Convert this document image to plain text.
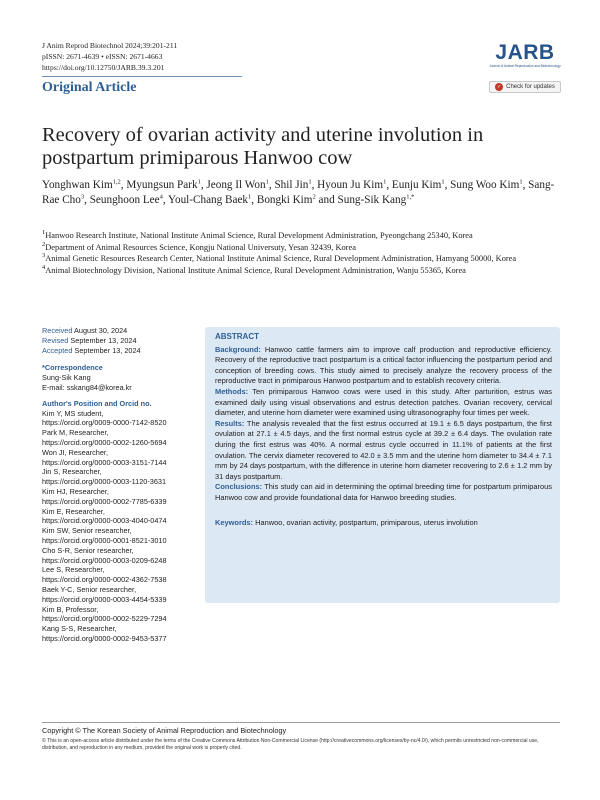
J Anim Reprod Biotechnol 2024;39:201-211
pISSN: 2671-4639 • eISSN: 2671-4663
https://doi.org/10.12750/JARB.39.3.201
Original Article
JARB
Journal of Animal Reproduction and Biotechnology
✓ Check for updates
Recovery of ovarian activity and uterine involution in postpartum primiparous Hanwoo cow
Yonghwan Kim$^{1,2}$, Myungsun Park$^1$, Jeong Il Won$^1$, Shil Jin$^1$, Hyoun Ju Kim$^1$, Eunju Kim$^1$, Sung Woo Kim$^1$, Sang-Rae Cho$^3$, Seunghoon Lee$^4$, Youl-Chang Baek$^1$, Bongki Kim$^2$ and Sung-Sik Kang$^{1,*}$
$^1$Hanwoo Research Institute, National Institute Animal Science, Rural Development Administration, Pyeongchang 25340, Korea
$^2$Department of Animal Resources Science, Kongju National Universuty, Yesan 32439, Korea
$^3$Animal Genetic Resources Research Center, National Institute Animal Science, Rural Development Administration, Hamyang 50000, Korea
$^4$Animal Biotechnology Division, National Institute Animal Science, Rural Development Administration, Wanju 55365, Korea
Received August 30, 2024
Revised September 13, 2024
Accepted September 13, 2024
*Correspondence
Sung-Sik Kang
E-mail: sskang84@korea.kr
Author's Position and Orcid no.
Kim Y, MS student,
https://orcid.org/0009-0000-7142-8520
Park M, Researcher,
https://orcid.org/0000-0002-1260-5694
Won JI, Researcher,
https://orcid.org/0000-0003-3151-7144
Jin S, Researcher,
https://orcid.org/0000-0003-1120-3631
Kim HJ, Researcher,
https://orcid.org/0000-0002-7785-6339
Kim E, Researcher,
https://orcid.org/0000-0003-4040-0474
Kim SW, Senior researcher,
https://orcid.org/0000-0001-8521-3010
Cho S-R, Senior researcher,
https://orcid.org/0000-0003-0209-6248
Lee S, Researcher,
https://orcid.org/0000-0002-4362-7538
Baek Y-C, Senior researcher,
https://orcid.org/0000-0003-4454-5339
Kim B, Professor,
https://orcid.org/0000-0002-5229-7294
Kang S-S, Researcher,
https://orcid.org/0000-0002-9453-5377
ABSTRACT
Background: Hanwoo cattle farmers aim to improve calf production and reproductive efficiency. Recovery of the reproductive tract postpartum is a critical factor influencing the postpartum period and conception of breeding cows. This study aimed to precisely analyze the recovery process of the reproductive tract in primiparous Hanwoo postpartum and to establish recovery criteria.
Methods: Ten primiparous Hanwoo cows were used in this study. After parturition, estrus was examined daily using visual observations and estrus detection patches. Ovarian recovery, cervical diameter, and uterine horn diameter were examined using ultrasonography four times per week.
Results: The analysis revealed that the first estrus occurred at 19.1 ± 6.5 days postpartum, the first ovulation at 27.1 ± 4.5 days, and the first normal estrus cycle at 39.2 ± 6.4 days. The ovulation rate during the first estrus was 40%. A normal estrus cycle occurred in 11.1% of patients at the first ovulation. The cervix diameter recovered to 42.0 ± 3.5 mm and the uterine horn diameter to 34.4 ± 7.1 mm by 24 days postpartum, with the difference in uterine horn diameter recovering to 2.6 ± 1.2 mm by 31 days postpartum.
Conclusions: This study can aid in determining the optimal breeding time for postpartum primiparous Hanwoo cow and provide foundational data for Hanwoo breeding studies.
Keywords: Hanwoo, ovarian activity, postpartum, primiparous, uterus involution
Copyright © The Korean Society of Animal Reproduction and Biotechnology
© This is an open-access article distributed under the terms of the Creative Commons Attribution Non-Commercial License (http://creativecommons.org/licenses/by-nc/4.0/), which permits unrestricted non-commercial use, distribution, and reproduction in any medium, provided the original work is properly cited.
